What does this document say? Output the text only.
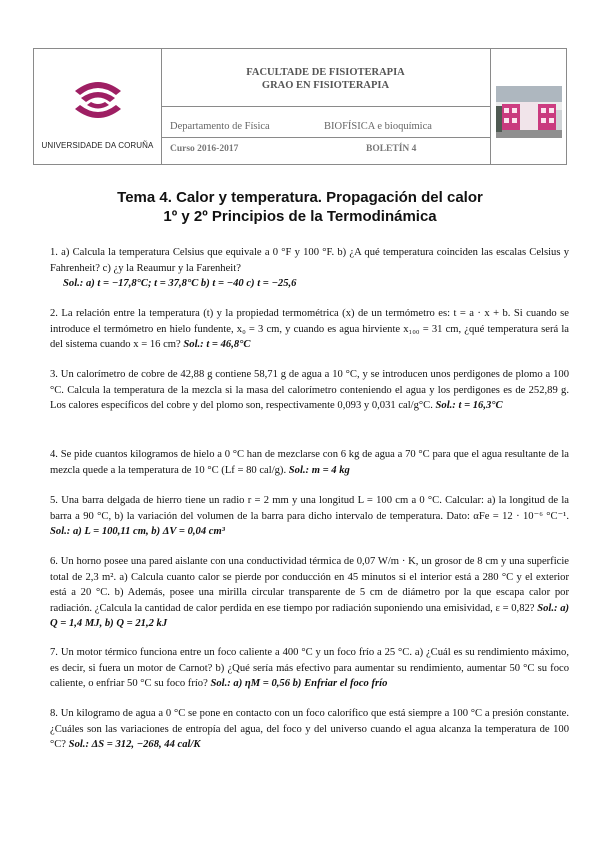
UNIVERSIDADE DA CORUÑA
FACULTADE DE FISIOTERAPIA
GRAO EN FISIOTERAPIA
Departamento de Física	BIOFÍSICA e bioquímica
Curso 2016-2017	BOLETÍN 4
Tema 4. Calor y temperatura. Propagación del calor
1º y 2º Principios de la Termodinámica
1. a) Calcula la temperatura Celsius que equivale a 0 °F y 100 °F. b) ¿A qué temperatura coinciden las escalas Celsius y Fahrenheit? c) ¿y la Reaumur y la Farenheit?
Sol.: a) t = −17,8°C; t = 37,8°C b) t = −40 c) t = −25,6
2. La relación entre la temperatura (t) y la propiedad termométrica (x) de un termómetro es: t = a · x + b. Si cuando se introduce el termómetro en hielo fundente, x₀ = 3 cm, y cuando es agua hirviente x₁₀₀ = 31 cm, ¿qué temperatura será la del sistema cuando x = 16 cm? Sol.: t = 46,8°C
3. Un calorímetro de cobre de 42,88 g contiene 58,71 g de agua a 10 °C, y se introducen unos perdigones de plomo a 100 °C. Calcula la temperatura de la mezcla si la masa del calorímetro conteniendo el agua y los perdigones es de 252,89 g. Los calores específicos del cobre y del plomo son, respectivamente 0,093 y 0,031 cal/g°C. Sol.: t = 16,3°C
4. Se pide cuantos kilogramos de hielo a 0 °C han de mezclarse con 6 kg de agua a 70 °C para que el agua resultante de la mezcla quede a la temperatura de 10 °C (Lf = 80 cal/g). Sol.: m = 4 kg
5. Una barra delgada de hierro tiene un radio r = 2 mm y una longitud L = 100 cm a 0 °C. Calcular: a) la longitud de la barra a 90 °C, b) la variación del volumen de la barra para dicho intervalo de temperatura. Dato: αFe = 12 · 10⁻⁶ °C⁻¹. Sol.: a) L = 100,11 cm, b) ΔV = 0,04 cm³
6. Un horno posee una pared aislante con una conductividad térmica de 0,07 W/m · K, un grosor de 8 cm y una superficie total de 2,3 m². a) Calcula cuanto calor se pierde por conducción en 45 minutos si el interior está a 280 °C y el exterior está a 20 °C. b) Además, posee una mirilla circular transparente de 5 cm de diámetro por la que escapa calor por radiación. ¿Calcula la cantidad de calor perdida en ese tiempo por radiación suponiendo una emisividad, ε = 0,82? Sol.: a) Q = 1,4 MJ, b) Q = 21,2 kJ
7. Un motor térmico funciona entre un foco caliente a 400 °C y un foco frío a 25 °C. a) ¿Cuál es su rendimiento máximo, es decir, si fuera un motor de Carnot? b) ¿Qué sería más efectivo para aumentar su rendimiento, aumentar 50 °C su foco caliente, o enfriar 50 °C su foco frío? Sol.: a) ηM = 0,56 b) Enfriar el foco frío
8. Un kilogramo de agua a 0 °C se pone en contacto con un foco calorífico que está siempre a 100 °C a presión constante. ¿Cuáles son las variaciones de entropía del agua, del foco y del universo cuando el agua alcanza la temperatura de 100 °C? Sol.: ΔS = 312, −268, 44 cal/K
